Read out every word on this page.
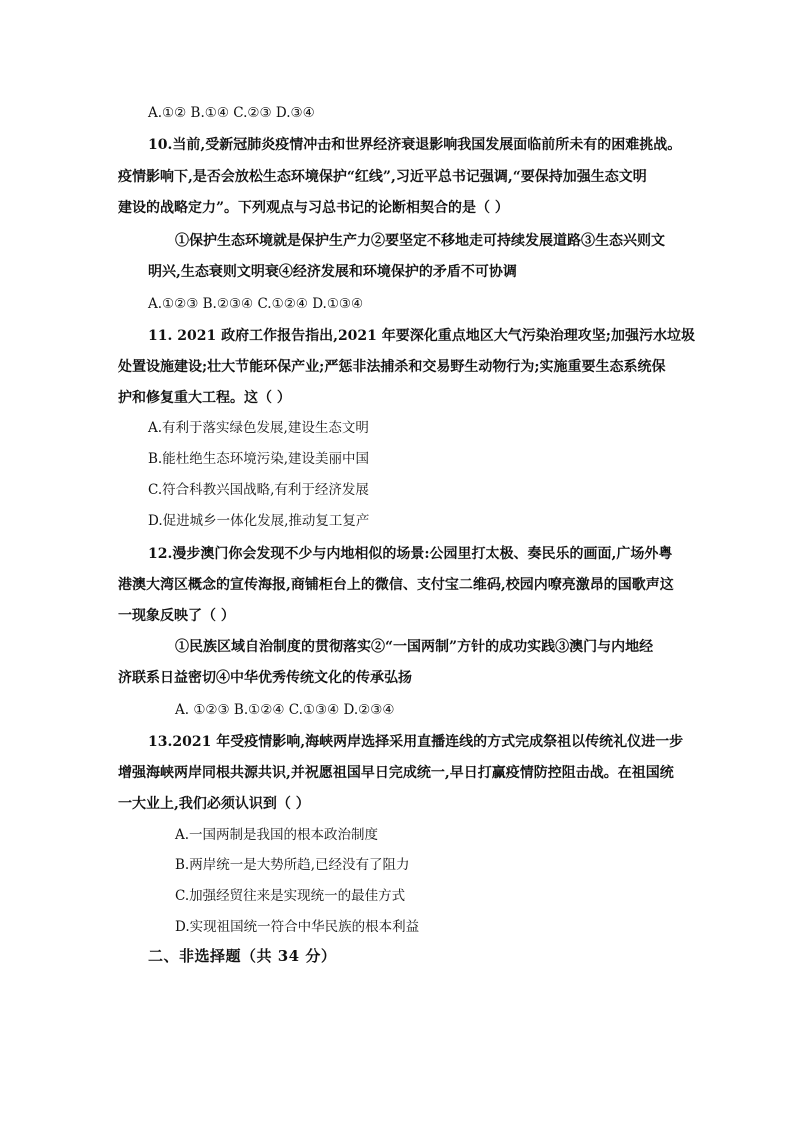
A.①② B.①④ C.②③ D.③④
10.当前,受新冠肺炎疫情冲击和世界经济衰退影响我国发展面临前所未有的困难挑战。
疫情影响下,是否会放松生态环境保护“红线”,习近平总书记强调,“要保持加强生态文明
建设的战略定力”。下列观点与习总书记的论断相契合的是（ ）
①保护生态环境就是保护生产力②要坚定不移地走可持续发展道路③生态兴则文
明兴,生态衰则文明衰④经济发展和环境保护的矛盾不可协调
A.①②③ B.②③④ C.①②④ D.①③④
11. 2021 政府工作报告指出,2021 年要深化重点地区大气污染治理攻坚;加强污水垃圾
处置设施建设;壮大节能环保产业;严惩非法捕杀和交易野生动物行为;实施重要生态系统保
护和修复重大工程。这（ ）
A.有利于落实绿色发展,建设生态文明
B.能杜绝生态环境污染,建设美丽中国
C.符合科教兴国战略,有利于经济发展
D.促进城乡一体化发展,推动复工复产
12.漫步澳门你会发现不少与内地相似的场景:公园里打太极、奏民乐的画面,广场外粤
港澳大湾区概念的宣传海报,商铺柜台上的微信、支付宝二维码,校园内嘹亮激昂的国歌声这
一现象反映了（ ）
①民族区域自治制度的贯彻落实②“一国两制”方针的成功实践③澳门与内地经
济联系日益密切④中华优秀传统文化的传承弘扬
A. ①②③ B.①②④ C.①③④ D.②③④
13.2021 年受疫情影响,海峡两岸选择采用直播连线的方式完成祭祖以传统礼仪进一步
增强海峡两岸同根共源共识,并祝愿祖国早日完成统一,早日打赢疫情防控阻击战。在祖国统
一大业上,我们必须认识到（ ）
A.一国两制是我国的根本政治制度
B.两岸统一是大势所趋,已经没有了阻力
C.加强经贸往来是实现统一的最佳方式
D.实现祖国统一符合中华民族的根本利益
二、非选择题（共 34 分）
